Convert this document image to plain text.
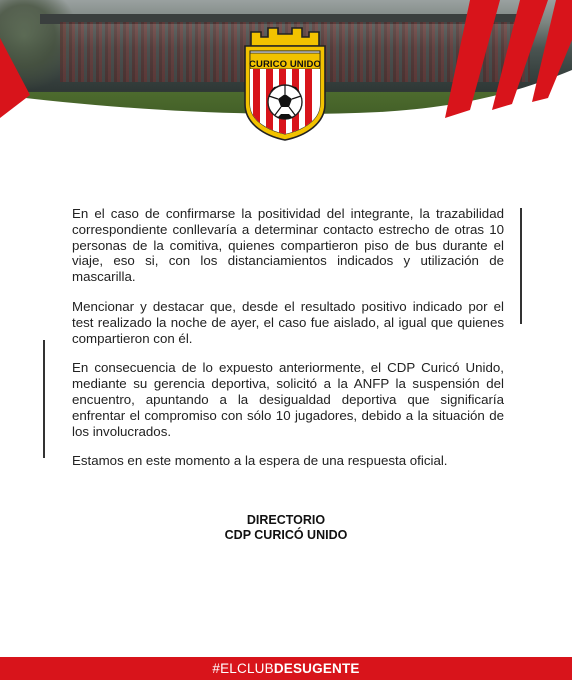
CURICO UNIDO

En el caso de confirmarse la positividad del integrante, la trazabilidad correspondiente conllevaría a determinar contacto estrecho de otras 10 personas de la comitiva, quienes compartieron piso de bus durante el viaje, eso si, con los distanciamientos indicados y utilización de mascarilla.

Mencionar y destacar que, desde el resultado positivo indicado por el test realizado la noche de ayer, el caso fue aislado, al igual que quienes compartieron con él.

En consecuencia de lo expuesto anteriormente, el CDP Curicó Unido, mediante su gerencia deportiva, solicitó a la ANFP la suspensión del encuentro, apuntando a la desigualdad deportiva que significaría enfrentar el compromiso con sólo 10 jugadores, debido a la situación de los involucrados.

Estamos en este momento a la espera de una respuesta oficial.

DIRECTORIO
CDP CURICÓ UNIDO
#ELCLUBDESUGENTE
